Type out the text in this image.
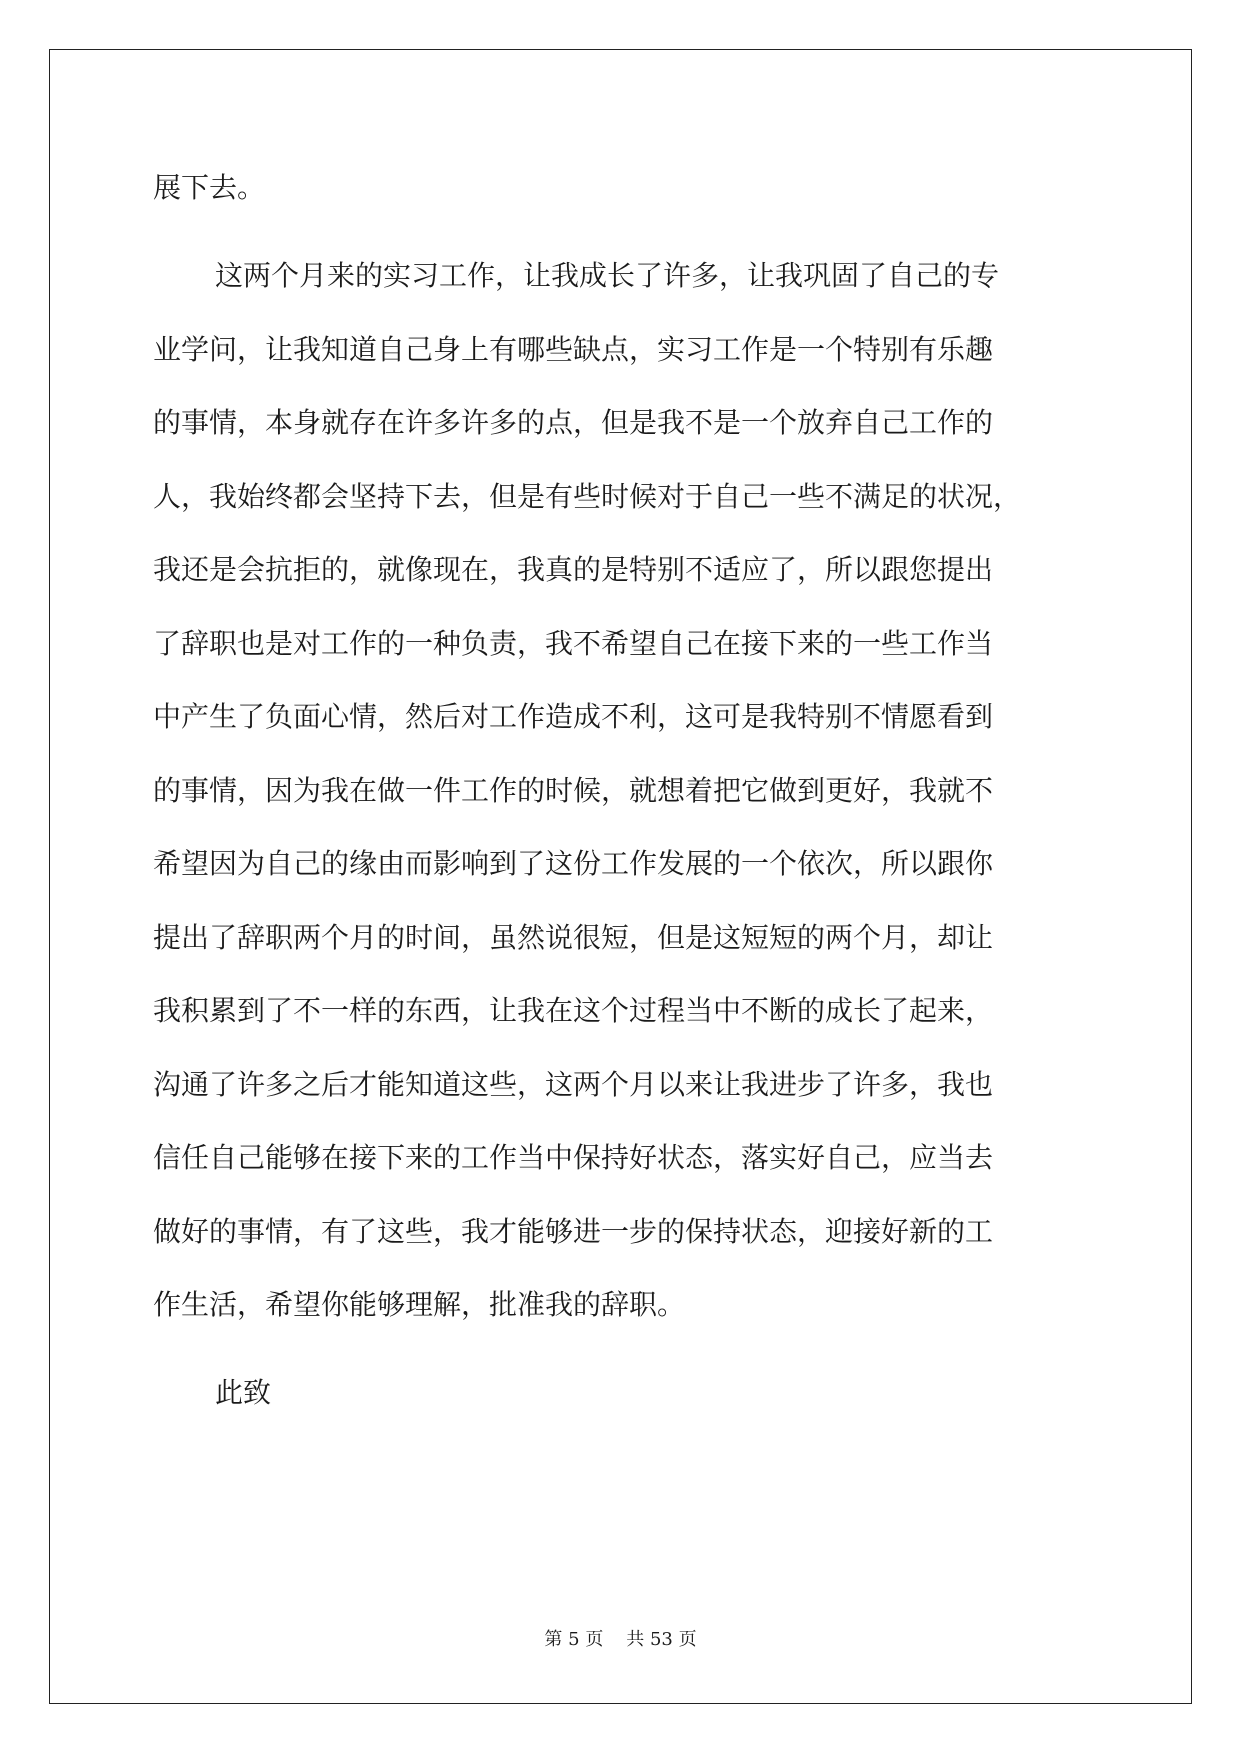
展下去。

这两个月来的实习工作，让我成长了许多，让我巩固了自己的专

业学问，让我知道自己身上有哪些缺点，实习工作是一个特别有乐趣

的事情，本身就存在许多许多的点，但是我不是一个放弃自己工作的

人，我始终都会坚持下去，但是有些时候对于自己一些不满足的状况，

我还是会抗拒的，就像现在，我真的是特别不适应了，所以跟您提出

了辞职也是对工作的一种负责，我不希望自己在接下来的一些工作当

中产生了负面心情，然后对工作造成不利，这可是我特别不情愿看到

的事情，因为我在做一件工作的时候，就想着把它做到更好，我就不

希望因为自己的缘由而影响到了这份工作发展的一个依次，所以跟你

提出了辞职两个月的时间，虽然说很短，但是这短短的两个月，却让

我积累到了不一样的东西，让我在这个过程当中不断的成长了起来，

沟通了许多之后才能知道这些，这两个月以来让我进步了许多，我也

信任自己能够在接下来的工作当中保持好状态，落实好自己，应当去

做好的事情，有了这些，我才能够进一步的保持状态，迎接好新的工

作生活，希望你能够理解，批准我的辞职。

此致

第 5 页 共 53 页
